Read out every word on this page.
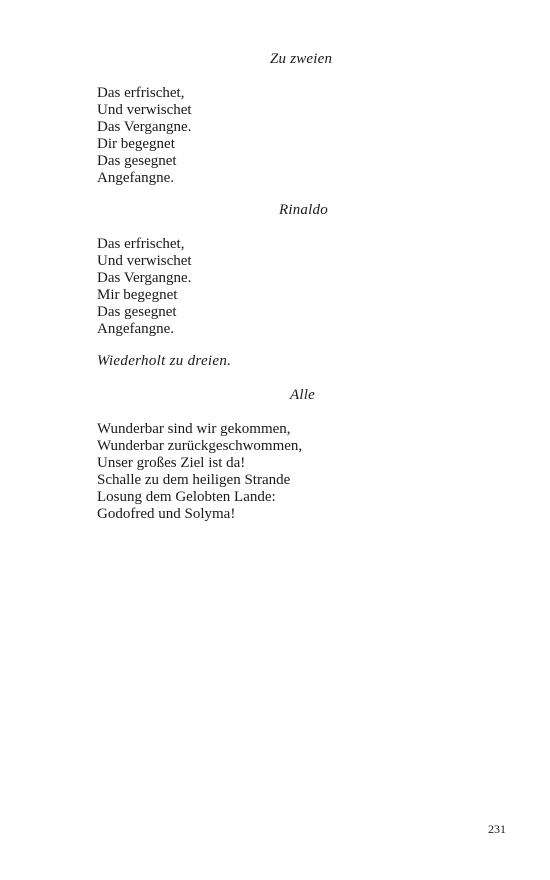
Zu zweien
Das erfrischet,
Und verwischet
Das Vergangne.
Dir begegnet
Das gesegnet
Angefangne.
Rinaldo
Das erfrischet,
Und verwischet
Das Vergangne.
Mir begegnet
Das gesegnet
Angefangne.
Wiederholt zu dreien.
Alle
Wunderbar sind wir gekommen,
Wunderbar zurückgeschwommen,
Unser großes Ziel ist da!
Schalle zu dem heiligen Strande
Losung dem Gelobten Lande:
Godofred und Solyma!
231
